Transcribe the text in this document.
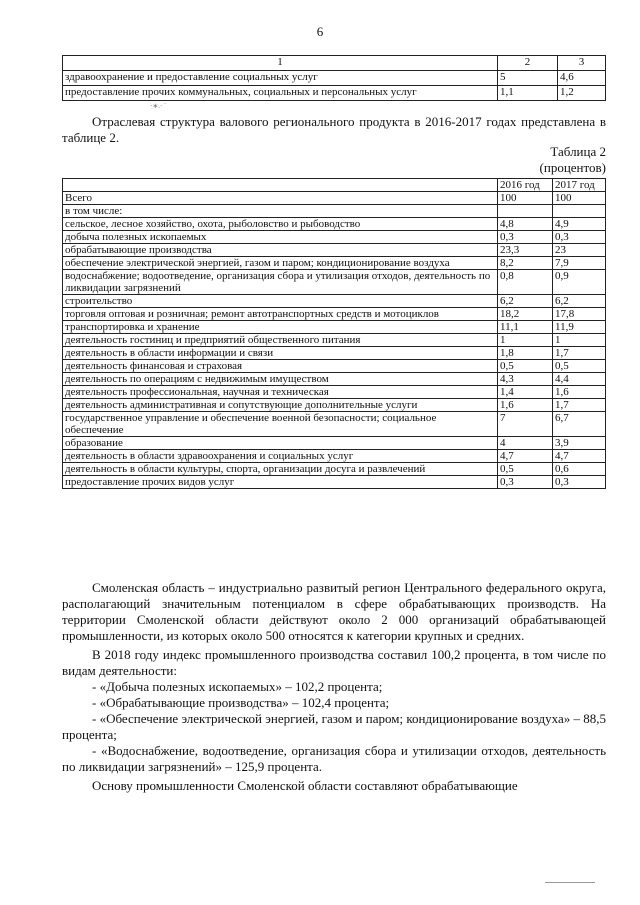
6
1	2	3
здравоохранение и предоставление социальных услуг	5	4,6
предоставление прочих коммунальных, социальных и персональных услуг	1,1	1,2
·∗.· `
Отраслевая структура валового регионального продукта в 2016-2017 годах представлена в таблице 2.
Таблица 2
(процентов)
	2016 год	2017 год
Всего	100	100
в том числе:		
сельское, лесное хозяйство, охота, рыболовство и рыбоводство	4,8	4,9
добыча полезных ископаемых	0,3	0,3
обрабатывающие производства	23,3	23
обеспечение электрической энергией, газом и паром; кондиционирование воздуха	8,2	7,9
водоснабжение; водоотведение, организация сбора и утилизация отходов, деятельность по ликвидации загрязнений	0,8	0,9
строительство	6,2	6,2
торговля оптовая и розничная; ремонт автотранспортных средств и мотоциклов	18,2	17,8
транспортировка и хранение	11,1	11,9
деятельность гостиниц и предприятий общественного питания	1	1
деятельность в области информации и связи	1,8	1,7
деятельность финансовая и страховая	0,5	0,5
деятельность по операциям с недвижимым имуществом	4,3	4,4
деятельность профессиональная, научная и техническая	1,4	1,6
деятельность административная и сопутствующие дополнительные услуги	1,6	1,7
государственное управление и обеспечение военной безопасности; социальное обеспечение	7	6,7
образование	4	3,9
деятельность в области здравоохранения и социальных услуг	4,7	4,7
деятельность в области культуры, спорта, организации досуга и развлечений	0,5	0,6
предоставление прочих видов услуг	0,3	0,3

Смоленская область – индустриально развитый регион Центрального федерального округа, располагающий значительным потенциалом в сфере обрабатывающих производств. На территории Смоленской области действуют около 2 000 организаций обрабатывающей промышленности, из которых около 500 относятся к категории крупных и средних.

В 2018 году индекс промышленного производства составил 100,2 процента, в том числе по видам деятельности:

- «Добыча полезных ископаемых» – 102,2 процента;

- «Обрабатывающие производства» – 102,4 процента;

- «Обеспечение электрической энергией, газом и паром; кондиционирование воздуха» – 88,5 процента;

- «Водоснабжение, водоотведение, организация сбора и утилизации отходов, деятельность по ликвидации загрязнений» – 125,9 процента.

Основу промышленности Смоленской области составляют обрабатывающие
